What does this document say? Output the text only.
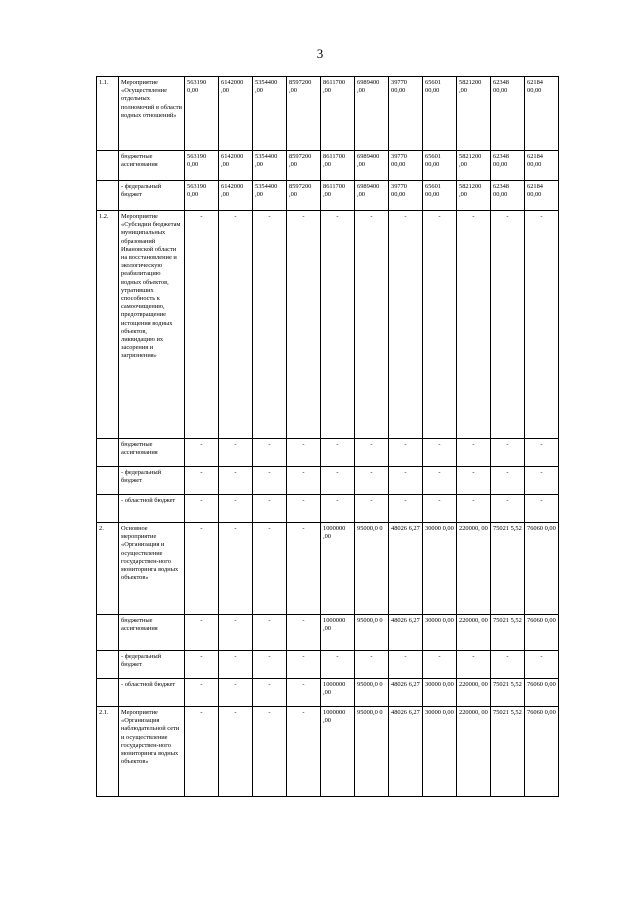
3
1.1.	Мероприятие «Осуществление отдельных полномочий в области водных отношений»	563190 0,00	6142000 ,00	5354400 ,00	8597200 ,00	8611700 ,00	6989400 ,00	39770 00,00	65601 00,00	5821200 ,00	62348 00,00	62184 00,00
	бюджетные ассигнования	563190 0,00	6142000 ,00	5354400 ,00	8597200 ,00	8611700 ,00	6989400 ,00	39770 00,00	65601 00,00	5821200 ,00	62348 00,00	62184 00,00
	- федеральный бюджет	563190 0,00	6142000 ,00	5354400 ,00	8597200 ,00	8611700 ,00	6989400 ,00	39770 00,00	65601 00,00	5821200 ,00	62348 00,00	62184 00,00
1.2.	Мероприятие «Субсидии бюджетам муниципальных образований Ивановской области на восстановление и экологическую реабилитацию водных объектов, утративших способность к самоочищению, предотвращение истощения водных объектов, ликвидацию их засорения и загрязнения»	-	-	-	-	-	-	-	-	-	-	-
	бюджетные ассигнования	-	-	-	-	-	-	-	-	-	-	-
	- федеральный бюджет	-	-	-	-	-	-	-	-	-	-	-
	- областной бюджет	-	-	-	-	-	-	-	-	-	-	-
2.	Основное мероприятие «Организация и осуществление государствен-ного мониторинга водных объектов»	-	-	-	-	1000000 ,00	95000,0 0	48026 6,27	30000 0,00	220000, 00	75021 5,52	76060 0,00
	бюджетные ассигнования	-	-	-	-	1000000 ,00	95000,0 0	48026 6,27	30000 0,00	220000, 00	75021 5,52	76060 0,00
	- федеральный бюджет	-	-	-	-	-	-	-	-	-	-	-
	- областной бюджет	-	-	-	-	1000000 ,00	95000,0 0	48026 6,27	30000 0,00	220000, 00	75021 5,52	76060 0,00
2.1.	Мероприятие «Организация наблюдательной сети и осуществление государствен-ного мониторинга водных объектов»	-	-	-	-	1000000 ,00	95000,0 0	48026 6,27	30000 0,00	220000, 00	75021 5,52	76060 0,00
